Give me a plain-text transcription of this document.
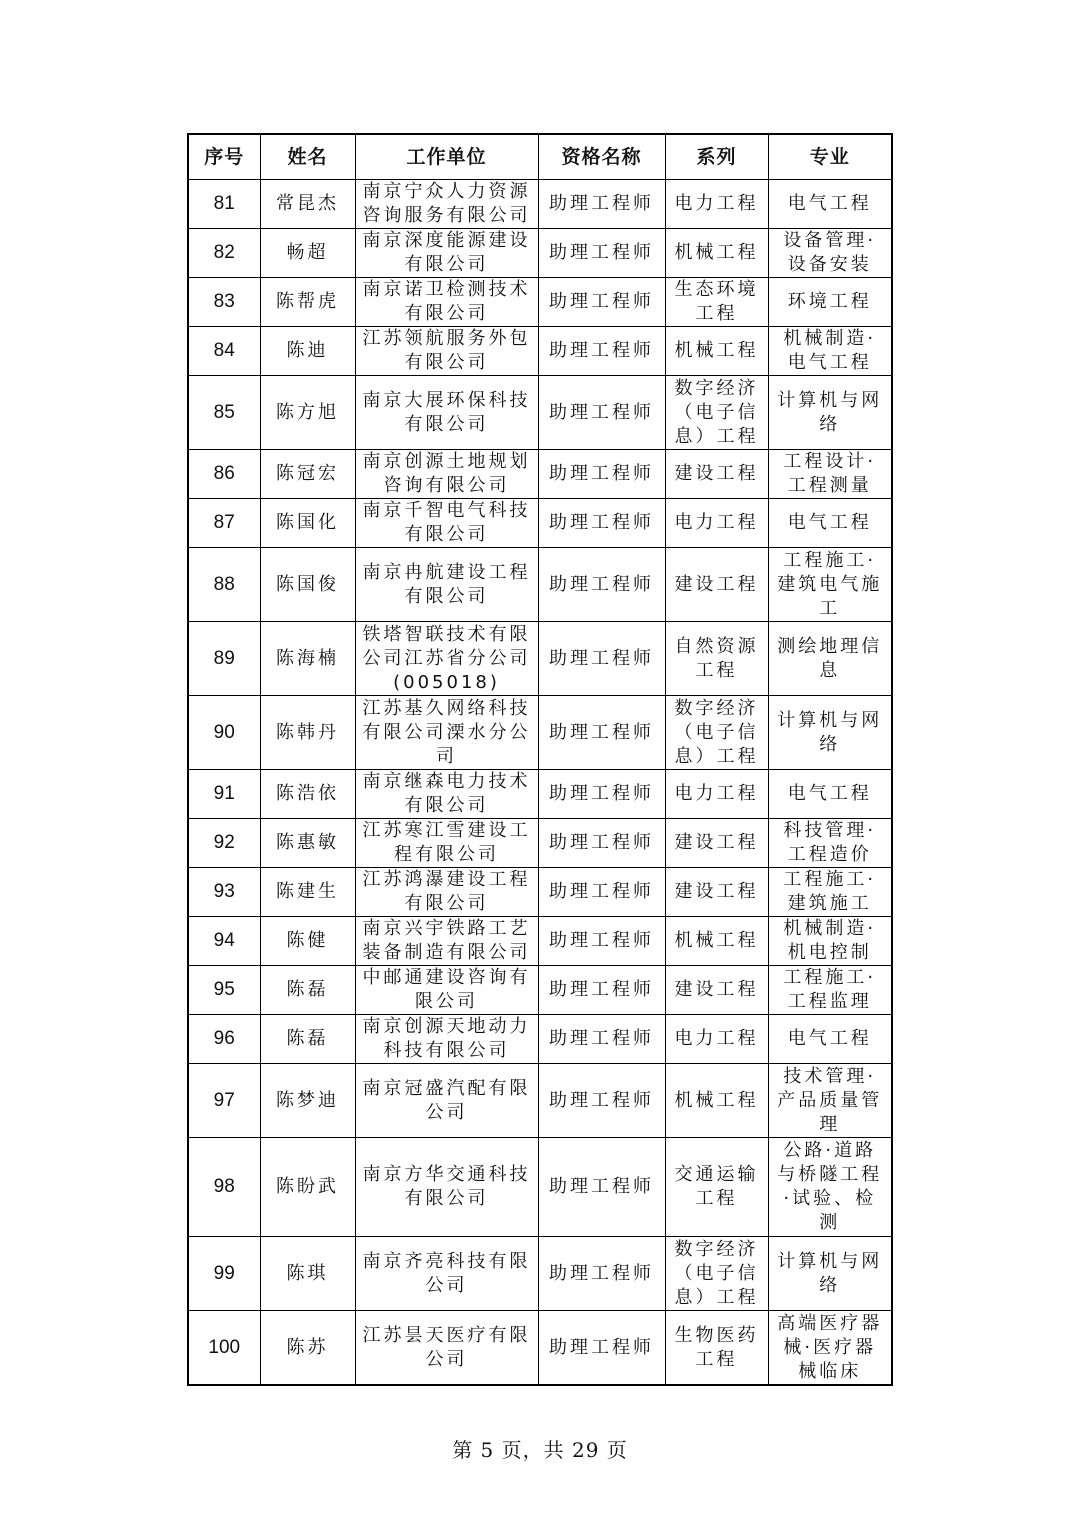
序号	姓名	工作单位	资格名称	系列	专业
81	常昆杰	南京宁众人力资源咨询服务有限公司	助理工程师	电力工程	电气工程
82	畅超	南京深度能源建设有限公司	助理工程师	机械工程	设备管理·设备安装
83	陈帮虎	南京诺卫检测技术有限公司	助理工程师	生态环境工程	环境工程
84	陈迪	江苏领航服务外包有限公司	助理工程师	机械工程	机械制造·电气工程
85	陈方旭	南京大展环保科技有限公司	助理工程师	数字经济（电子信息）工程	计算机与网络
86	陈冠宏	南京创源土地规划咨询有限公司	助理工程师	建设工程	工程设计·工程测量
87	陈国化	南京千智电气科技有限公司	助理工程师	电力工程	电气工程
88	陈国俊	南京冉航建设工程有限公司	助理工程师	建设工程	工程施工·建筑电气施工
89	陈海楠	铁塔智联技术有限公司江苏省分公司(005018)	助理工程师	自然资源工程	测绘地理信息
90	陈韩丹	江苏基久网络科技有限公司溧水分公司	助理工程师	数字经济（电子信息）工程	计算机与网络
91	陈浩依	南京继森电力技术有限公司	助理工程师	电力工程	电气工程
92	陈惠敏	江苏寒江雪建设工程有限公司	助理工程师	建设工程	科技管理·工程造价
93	陈建生	江苏鸿瀑建设工程有限公司	助理工程师	建设工程	工程施工·建筑施工
94	陈健	南京兴宇铁路工艺装备制造有限公司	助理工程师	机械工程	机械制造·机电控制
95	陈磊	中邮通建设咨询有限公司	助理工程师	建设工程	工程施工·工程监理
96	陈磊	南京创源天地动力科技有限公司	助理工程师	电力工程	电气工程
97	陈梦迪	南京冠盛汽配有限公司	助理工程师	机械工程	技术管理·产品质量管理
98	陈盼武	南京方华交通科技有限公司	助理工程师	交通运输工程	公路·道路与桥隧工程·试验、检测
99	陈琪	南京齐亮科技有限公司	助理工程师	数字经济（电子信息）工程	计算机与网络
100	陈苏	江苏昙天医疗有限公司	助理工程师	生物医药工程	高端医疗器械·医疗器械临床
第 5 页，共 29 页
